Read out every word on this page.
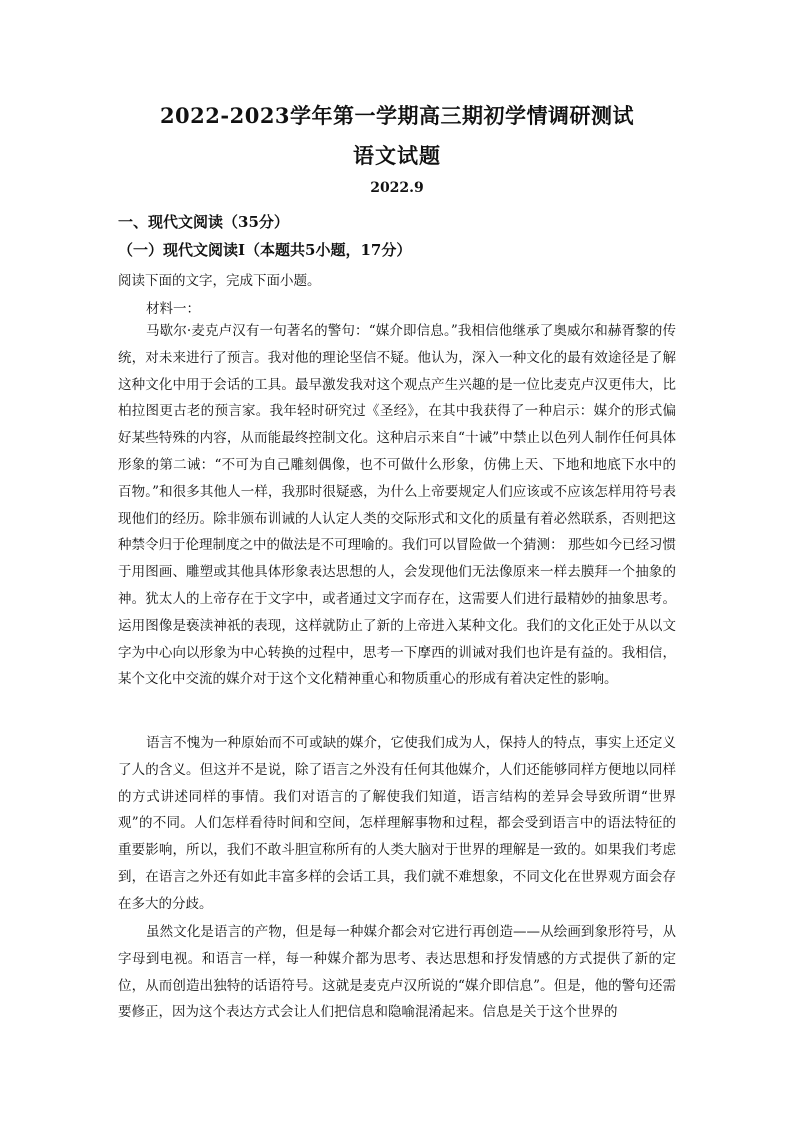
2022-2023学年第一学期高三期初学情调研测试
语文试题
2022.9
一、现代文阅读（35分）
（一）现代文阅读Ⅰ（本题共5小题，17分）
阅读下面的文字，完成下面小题。
材料一：

马歇尔·麦克卢汉有一句著名的警句：“媒介即信息。”我相信他继承了奥威尔和赫胥黎的传统，对未来进行了预言。我对他的理论坚信不疑。他认为，深入一种文化的最有效途径是了解这种文化中用于会话的工具。最早激发我对这个观点产生兴趣的是一位比麦克卢汉更伟大，比柏拉图更古老的预言家。我年轻时研究过《圣经》，在其中我获得了一种启示：媒介的形式偏好某些特殊的内容，从而能最终控制文化。这种启示来自“十诫”中禁止以色列人制作任何具体形象的第二诫：“不可为自己雕刻偶像，也不可做什么形象，仿佛上天、下地和地底下水中的百物。”和很多其他人一样，我那时很疑惑，为什么上帝要规定人们应该或不应该怎样用符号表现他们的经历。除非颁布训诫的人认定人类的交际形式和文化的质量有着必然联系，否则把这种禁令归于伦理制度之中的做法是不可理喻的。我们可以冒险做一个猜测： 那些如今已经习惯于用图画、雕塑或其他具体形象表达思想的人，会发现他们无法像原来一样去膜拜一个抽象的神。犹太人的上帝存在于文字中，或者通过文字而存在，这需要人们进行最精妙的抽象思考。运用图像是亵渎神祇的表现，这样就防止了新的上帝进入某种文化。我们的文化正处于从以文字为中心向以形象为中心转换的过程中，思考一下摩西的训诫对我们也许是有益的。我相信，某个文化中交流的媒介对于这个文化精神重心和物质重心的形成有着决定性的影响。

语言不愧为一种原始而不可或缺的媒介，它使我们成为人，保持人的特点，事实上还定义了人的含义。但这并不是说，除了语言之外没有任何其他媒介，人们还能够同样方便地以同样的方式讲述同样的事情。我们对语言的了解使我们知道，语言结构的差异会导致所谓“世界观”的不同。人们怎样看待时间和空间，怎样理解事物和过程，都会受到语言中的语法特征的重要影响，所以，我们不敢斗胆宣称所有的人类大脑对于世界的理解是一致的。如果我们考虑到，在语言之外还有如此丰富多样的会话工具，我们就不难想象，不同文化在世界观方面会存在多大的分歧。

虽然文化是语言的产物，但是每一种媒介都会对它进行再创造——从绘画到象形符号，从字母到电视。和语言一样，每一种媒介都为思考、表达思想和抒发情感的方式提供了新的定位，从而创造出独特的话语符号。这就是麦克卢汉所说的“媒介即信息”。但是，他的警句还需要修正，因为这个表达方式会让人们把信息和隐喻混淆起来。信息是关于这个世界的
